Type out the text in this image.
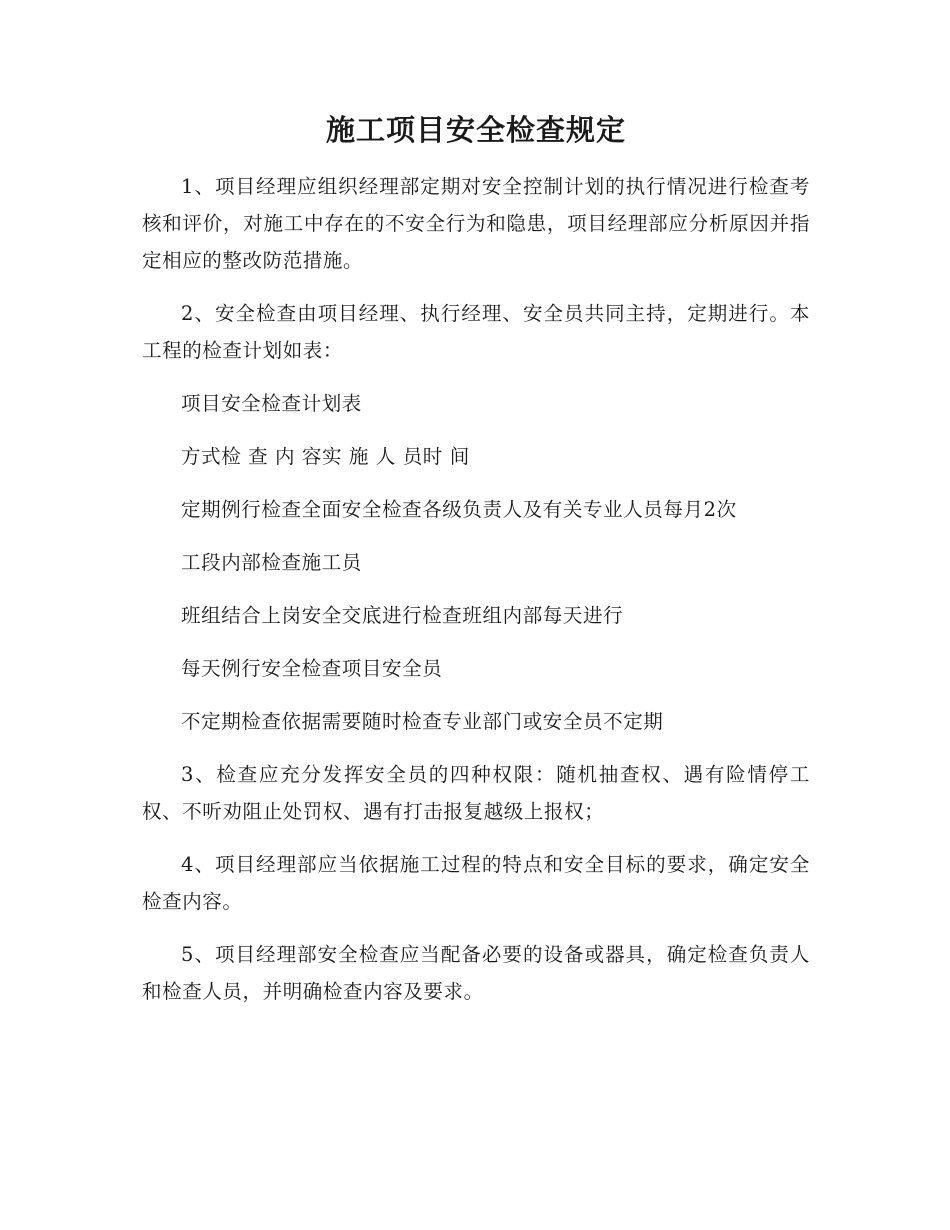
施工项目安全检查规定

1、项目经理应组织经理部定期对安全控制计划的执行情况进行检查考核和评价，对施工中存在的不安全行为和隐患，项目经理部应分析原因并指定相应的整改防范措施。

2、安全检查由项目经理、执行经理、安全员共同主持，定期进行。本工程的检查计划如表：

项目安全检查计划表
方式检 查 内 容实 施 人 员时 间
定期例行检查全面安全检查各级负责人及有关专业人员每月2次
工段内部检查施工员
班组结合上岗安全交底进行检查班组内部每天进行
每天例行安全检查项目安全员
不定期检查依据需要随时检查专业部门或安全员不定期

3、检查应充分发挥安全员的四种权限：随机抽查权、遇有险情停工权、不听劝阻止处罚权、遇有打击报复越级上报权；

4、项目经理部应当依据施工过程的特点和安全目标的要求，确定安全检查内容。

5、项目经理部安全检查应当配备必要的设备或器具，确定检查负责人和检查人员，并明确检查内容及要求。
